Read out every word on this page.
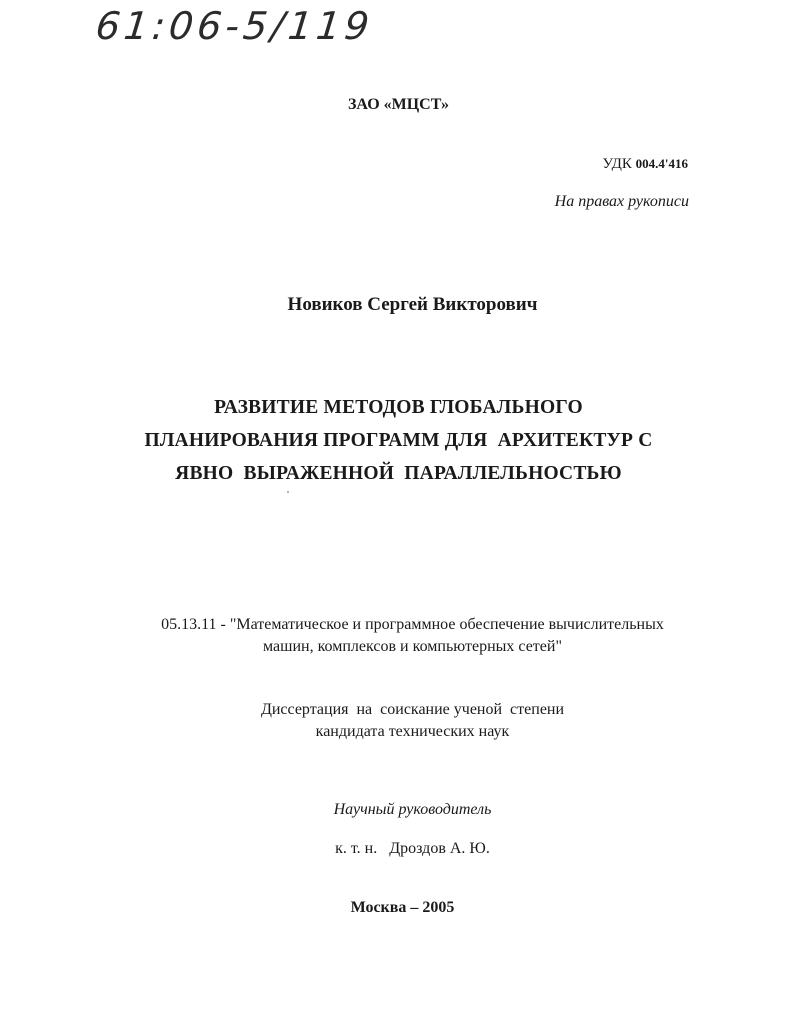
61:06-5/119
ЗАО «МЦСТ»
УДК 004.4'416
На правах рукописи
Новиков Сергей Викторович
РАЗВИТИЕ МЕТОДОВ ГЛОБАЛЬНОГО
ПЛАНИРОВАНИЯ ПРОГРАММ ДЛЯ  АРХИТЕКТУР С
ЯВНО  ВЫРАЖЕННОЙ  ПАРАЛЛЕЛЬНОСТЬЮ
05.13.11 - "Математическое и программное обеспечение вычислительных
машин, комплексов и компьютерных сетей"
Диссертация  на  соискание ученой  степени
кандидата технических наук
Научный руководитель
к. т. н.   Дроздов А. Ю.
Москва – 2005
